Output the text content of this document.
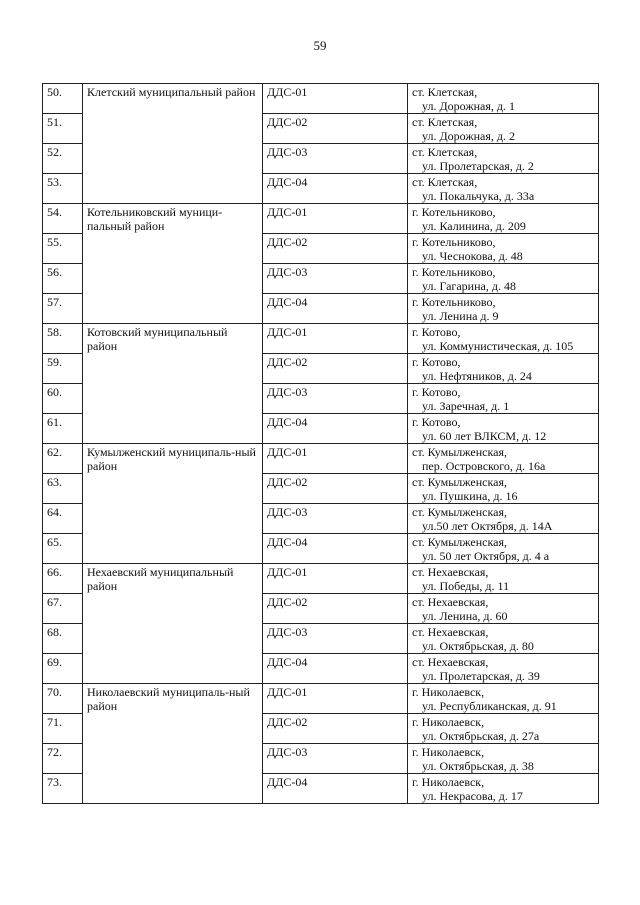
59
50.	Клетский муниципальный район	ДДС-01	ст. Клетская,
ул. Дорожная, д. 1

51.		ДДС-02	ст. Клетская,
ул. Дорожная, д. 2

52.		ДДС-03	ст. Клетская,
ул. Пролетарская, д. 2

53.		ДДС-04	ст. Клетская,
ул. Покальчука, д. 33а

54.	Котельниковский муници-пальный район	ДДС-01	г. Котельниково,
ул. Калинина, д. 209

55.		ДДС-02	г. Котельниково,
ул. Чеснокова, д. 48

56.		ДДС-03	г. Котельниково,
ул. Гагарина, д. 48

57.		ДДС-04	г. Котельниково,
ул. Ленина д. 9

58.	Котовский муниципальный район	ДДС-01	г. Котово,
ул. Коммунистическая, д. 105

59.		ДДС-02	г. Котово,
ул. Нефтяников, д. 24

60.		ДДС-03	г. Котово,
ул. Заречная, д. 1

61.		ДДС-04	г. Котово,
ул. 60 лет ВЛКСМ, д. 12

62.	Кумылженский муниципаль-ный район	ДДС-01	ст. Кумылженская,
пер. Островского, д. 16а

63.		ДДС-02	ст. Кумылженская,
ул. Пушкина, д. 16

64.		ДДС-03	ст. Кумылженская,
ул.50 лет Октября, д. 14А

65.		ДДС-04	ст. Кумылженская,
ул. 50 лет Октября, д. 4 а

66.	Нехаевский муниципальный район	ДДС-01	ст. Нехаевская,
ул. Победы, д. 11

67.		ДДС-02	ст. Нехаевская,
ул. Ленина, д. 60

68.		ДДС-03	ст. Нехаевская,
ул. Октябрьская, д. 80

69.		ДДС-04	ст. Нехаевская,
ул. Пролетарская, д. 39

70.	Николаевский муниципаль-ный район	ДДС-01	г. Николаевск,
ул. Республиканская, д. 91

71.		ДДС-02	г. Николаевск,
ул. Октябрьская, д. 27а

72.		ДДС-03	г. Николаевск,
ул. Октябрьская, д. 38

73.		ДДС-04	г. Николаевск,
ул. Некрасова, д. 17
